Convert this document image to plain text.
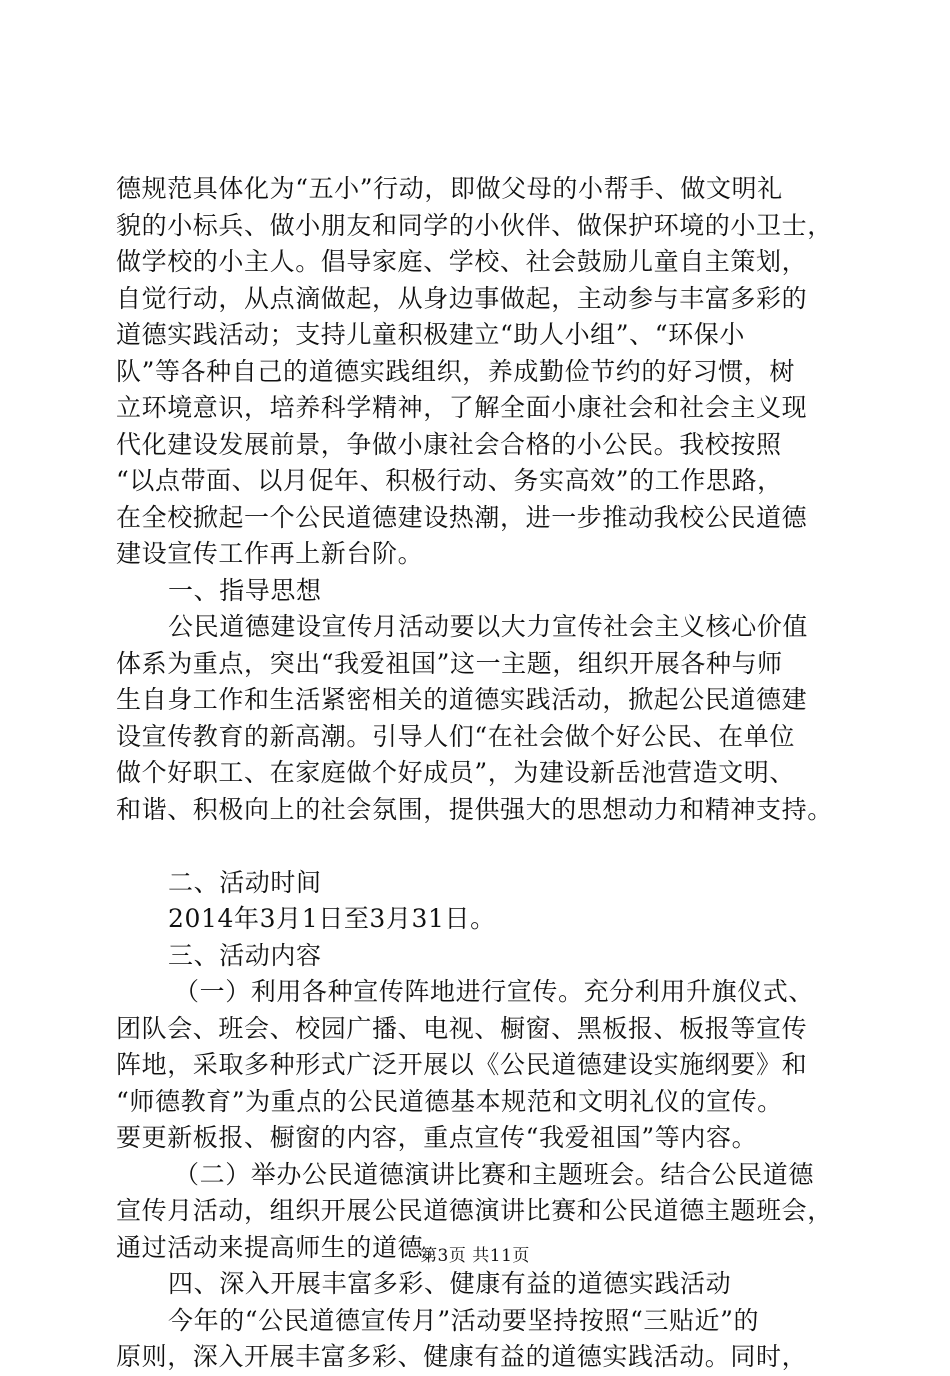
德规范具体化为“五小”行动，即做父母的小帮手、做文明礼
貌的小标兵、做小朋友和同学的小伙伴、做保护环境的小卫士，
做学校的小主人。倡导家庭、学校、社会鼓励儿童自主策划，
自觉行动，从点滴做起，从身边事做起，主动参与丰富多彩的
道德实践活动；支持儿童积极建立“助人小组”、“环保小
队”等各种自己的道德实践组织，养成勤俭节约的好习惯，树
立环境意识，培养科学精神，了解全面小康社会和社会主义现
代化建设发展前景，争做小康社会合格的小公民。我校按照
“以点带面、以月促年、积极行动、务实高效”的工作思路，
在全校掀起一个公民道德建设热潮，进一步推动我校公民道德
建设宣传工作再上新台阶。
一、指导思想
公民道德建设宣传月活动要以大力宣传社会主义核心价值
体系为重点，突出“我爱祖国”这一主题，组织开展各种与师
生自身工作和生活紧密相关的道德实践活动，掀起公民道德建
设宣传教育的新高潮。引导人们“在社会做个好公民、在单位
做个好职工、在家庭做个好成员”，为建设新岳池营造文明、
和谐、积极向上的社会氛围，提供强大的思想动力和精神支持。
二、活动时间
2014年3月1日至3月31日。
三、活动内容
（一）利用各种宣传阵地进行宣传。充分利用升旗仪式、
团队会、班会、校园广播、电视、橱窗、黑板报、板报等宣传
阵地，采取多种形式广泛开展以《公民道德建设实施纲要》和
“师德教育”为重点的公民道德基本规范和文明礼仪的宣传。
要更新板报、橱窗的内容，重点宣传“我爱祖国”等内容。
（二）举办公民道德演讲比赛和主题班会。结合公民道德
宣传月活动，组织开展公民道德演讲比赛和公民道德主题班会，
通过活动来提高师生的道德。
四、深入开展丰富多彩、健康有益的道德实践活动
今年的“公民道德宣传月”活动要坚持按照“三贴近”的
原则，深入开展丰富多彩、健康有益的道德实践活动。同时，
第3页 共11页
